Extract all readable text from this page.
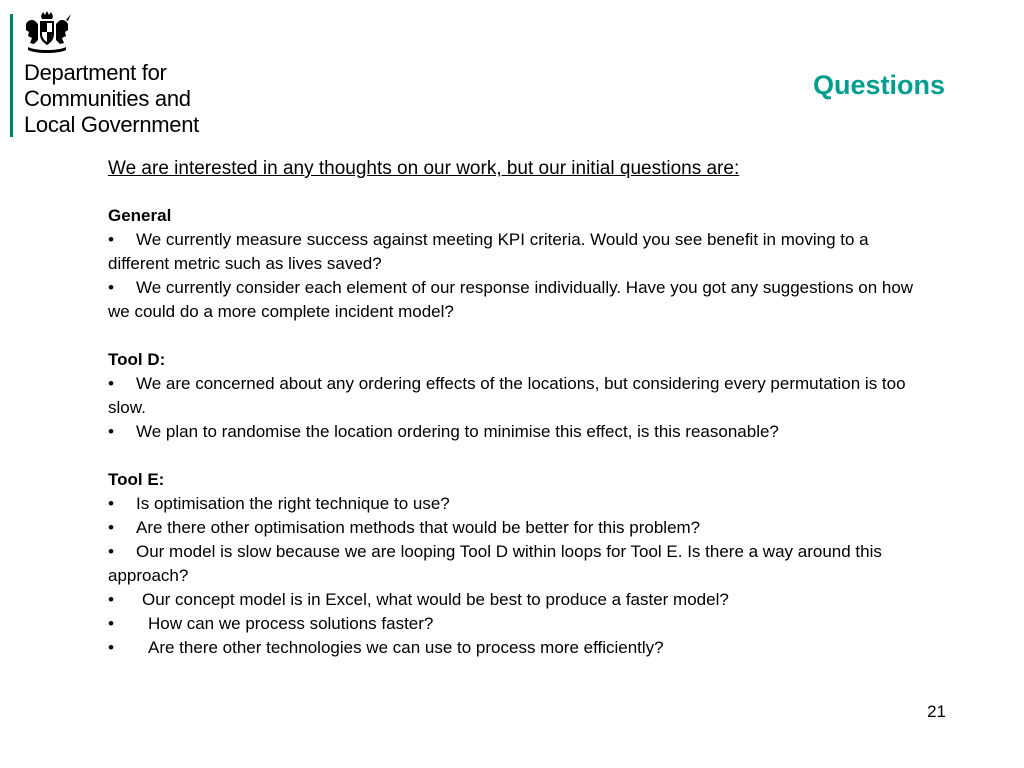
Department for
Communities and
Local Government
Questions
We are interested in any thoughts on our work, but our initial questions are:
General
• We currently measure success against meeting KPI criteria. Would you see benefit in moving to a different metric such as lives saved?
• We currently consider each element of our response individually. Have you got any suggestions on how we could do a more complete incident model?
Tool D:
• We are concerned about any ordering effects of the locations, but considering every permutation is too slow.
• We plan to randomise the location ordering to minimise this effect, is this reasonable?
Tool E:
• Is optimisation the right technique to use?
• Are there other optimisation methods that would be better for this problem?
• Our model is slow because we are looping Tool D within loops for Tool E. Is there a way around this approach?
• Our concept model is in Excel, what would be best to produce a faster model?
• How can we process solutions faster?
• Are there other technologies we can use to process more efficiently?
21
